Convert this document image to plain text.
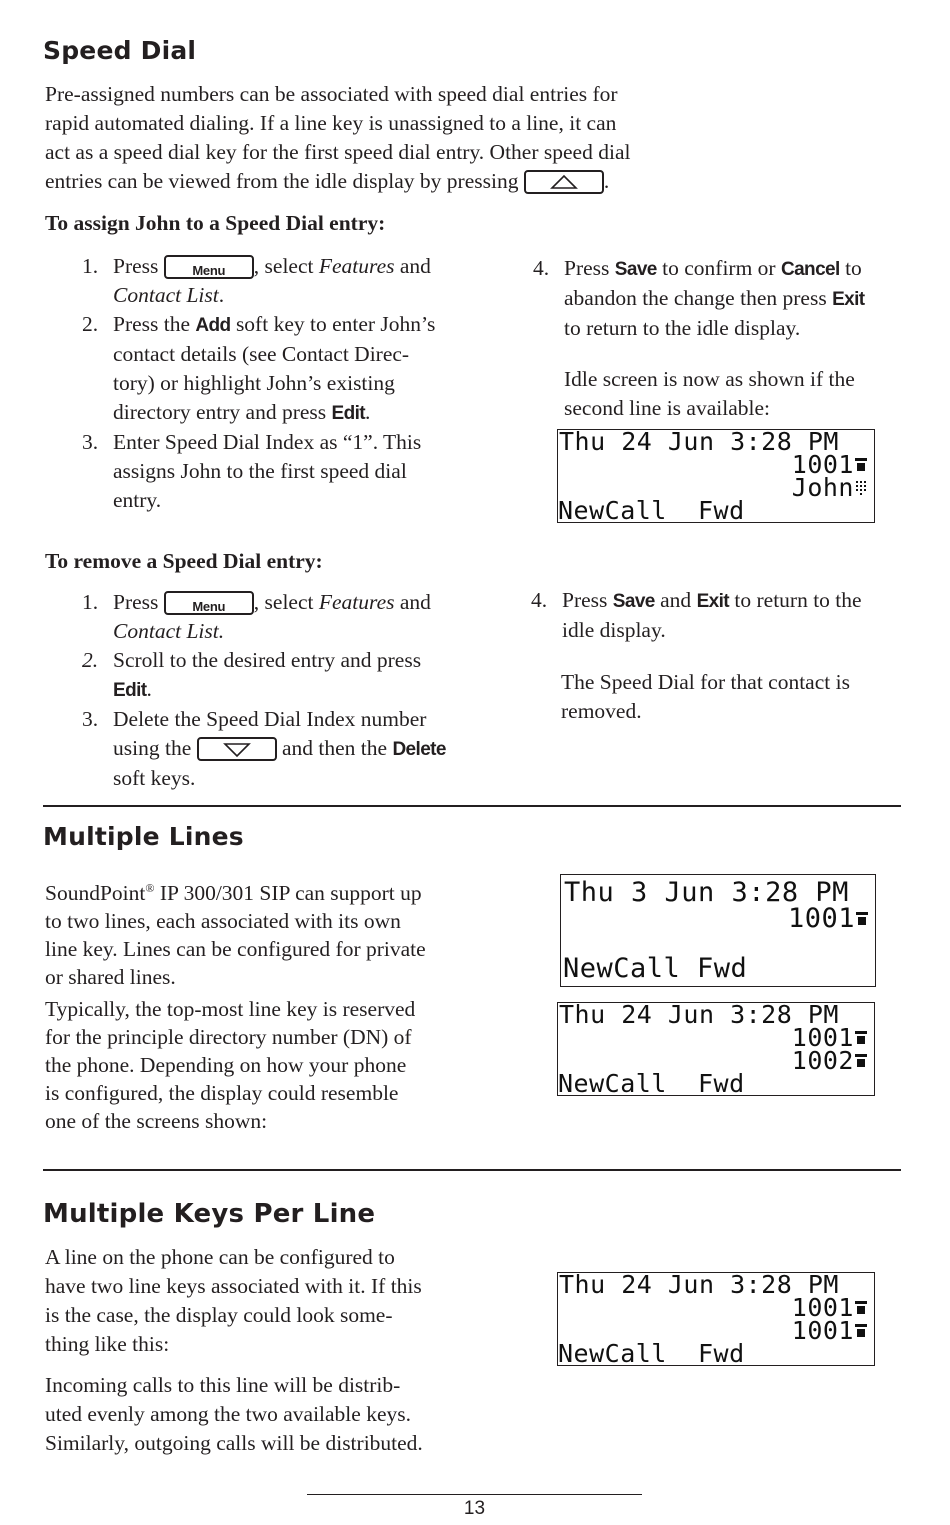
Speed Dial
Pre-assigned numbers can be associated with speed dial entries for
rapid automated dialing. If a line key is unassigned to a line, it can
act as a speed dial key for the first speed dial entry. Other speed dial
entries can be viewed from the idle display by pressing	.
To assign John to a Speed Dial entry:
1. Press	Menu	, select Features and
Contact List.
2. Press the Add soft key to enter John’s
contact details (see Contact Direc-
tory) or highlight John’s existing
directory entry and press Edit.
3. Enter Speed Dial Index as “1”. This
assigns John to the first speed dial
entry.
4. Press Save to confirm or Cancel to
abandon the change then press Exit
to return to the idle display.
Idle screen is now as shown if the
second line is available:
Thu 24 Jun 3:28 PM
1001
John
NewCall  Fwd
To remove a Speed Dial entry:
1. Press	Menu	, select Features and
Contact List.
2. Scroll to the desired entry and press
Edit.
3. Delete the Speed Dial Index number
using the	and then the Delete
soft keys.
4. Press Save and Exit to return to the
idle display.
The Speed Dial for that contact is
removed.
Multiple Lines
SoundPoint® IP 300/301 SIP can support up
to two lines, each associated with its own
line key. Lines can be configured for private
or shared lines.
Typically, the top-most line key is reserved
for the principle directory number (DN) of
the phone. Depending on how your phone
is configured, the display could resemble
one of the screens shown:
Thu 3 Jun 3:28 PM
1001
NewCall Fwd
Thu 24 Jun 3:28 PM
1001
1002
NewCall  Fwd
Multiple Keys Per Line
A line on the phone can be configured to
have two line keys associated with it. If this
is the case, the display could look some-
thing like this:
Incoming calls to this line will be distrib-
uted evenly among the two available keys.
Similarly, outgoing calls will be distributed.
Thu 24 Jun 3:28 PM
1001
1001
NewCall  Fwd
13
